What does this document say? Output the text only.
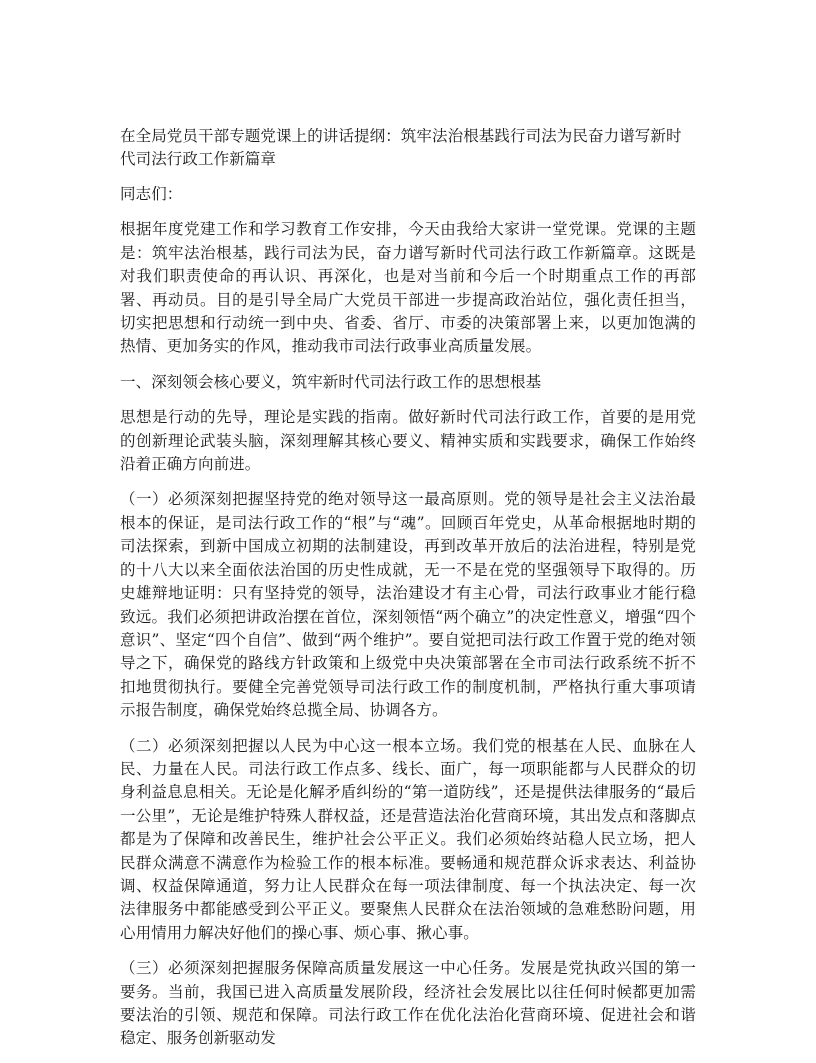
在全局党员干部专题党课上的讲话提纲：筑牢法治根基践行司法为民奋力谱写新时代司法行政工作新篇章

同志们：

根据年度党建工作和学习教育工作安排，今天由我给大家讲一堂党课。党课的主题是：筑牢法治根基，践行司法为民，奋力谱写新时代司法行政工作新篇章。这既是对我们职责使命的再认识、再深化，也是对当前和今后一个时期重点工作的再部署、再动员。目的是引导全局广大党员干部进一步提高政治站位，强化责任担当，切实把思想和行动统一到中央、省委、省厅、市委的决策部署上来，以更加饱满的热情、更加务实的作风，推动我市司法行政事业高质量发展。

一、深刻领会核心要义，筑牢新时代司法行政工作的思想根基

思想是行动的先导，理论是实践的指南。做好新时代司法行政工作，首要的是用党的创新理论武装头脑，深刻理解其核心要义、精神实质和实践要求，确保工作始终沿着正确方向前进。

（一）必须深刻把握坚持党的绝对领导这一最高原则。党的领导是社会主义法治最根本的保证，是司法行政工作的“根”与“魂”。回顾百年党史，从革命根据地时期的司法探索，到新中国成立初期的法制建设，再到改革开放后的法治进程，特别是党的十八大以来全面依法治国的历史性成就，无一不是在党的坚强领导下取得的。历史雄辩地证明：只有坚持党的领导，法治建设才有主心骨，司法行政事业才能行稳致远。我们必须把讲政治摆在首位，深刻领悟“两个确立”的决定性意义，增强“四个意识”、坚定“四个自信”、做到“两个维护”。要自觉把司法行政工作置于党的绝对领导之下，确保党的路线方针政策和上级党中央决策部署在全市司法行政系统不折不扣地贯彻执行。要健全完善党领导司法行政工作的制度机制，严格执行重大事项请示报告制度，确保党始终总揽全局、协调各方。

（二）必须深刻把握以人民为中心这一根本立场。我们党的根基在人民、血脉在人民、力量在人民。司法行政工作点多、线长、面广，每一项职能都与人民群众的切身利益息息相关。无论是化解矛盾纠纷的“第一道防线”，还是提供法律服务的“最后一公里”，无论是维护特殊人群权益，还是营造法治化营商环境，其出发点和落脚点都是为了保障和改善民生，维护社会公平正义。我们必须始终站稳人民立场，把人民群众满意不满意作为检验工作的根本标准。要畅通和规范群众诉求表达、利益协调、权益保障通道，努力让人民群众在每一项法律制度、每一个执法决定、每一次法律服务中都能感受到公平正义。要聚焦人民群众在法治领域的急难愁盼问题，用心用情用力解决好他们的操心事、烦心事、揪心事。

（三）必须深刻把握服务保障高质量发展这一中心任务。发展是党执政兴国的第一要务。当前，我国已进入高质量发展阶段，经济社会发展比以往任何时候都更加需要法治的引领、规范和保障。司法行政工作在优化法治化营商环境、促进社会和谐稳定、服务创新驱动发
